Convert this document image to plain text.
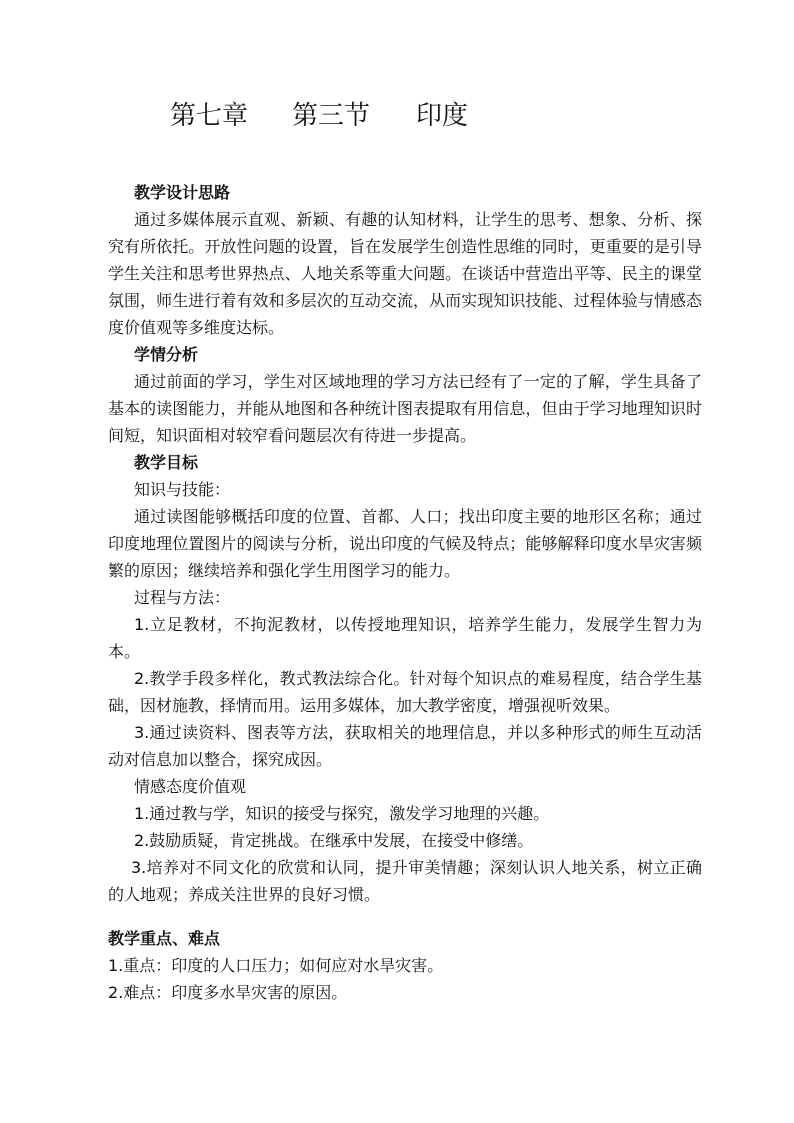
第七章 第三节 印度

教学设计思路

通过多媒体展示直观、新颖、有趣的认知材料，让学生的思考、想象、分析、探究有所依托。开放性问题的设置，旨在发展学生创造性思维的同时，更重要的是引导学生关注和思考世界热点、人地关系等重大问题。在谈话中营造出平等、民主的课堂氛围，师生进行着有效和多层次的互动交流，从而实现知识技能、过程体验与情感态度价值观等多维度达标。

学情分析

通过前面的学习，学生对区域地理的学习方法已经有了一定的了解，学生具备了基本的读图能力，并能从地图和各种统计图表提取有用信息，但由于学习地理知识时间短，知识面相对较窄看问题层次有待进一步提高。

教学目标

知识与技能：

通过读图能够概括印度的位置、首都、人口；找出印度主要的地形区名称；通过印度地理位置图片的阅读与分析，说出印度的气候及特点；能够解释印度水旱灾害频繁的原因；继续培养和强化学生用图学习的能力。

过程与方法：

1.立足教材，不拘泥教材，以传授地理知识，培养学生能力，发展学生智力为本。

2.教学手段多样化，教式教法综合化。针对每个知识点的难易程度，结合学生基础，因材施教，择情而用。运用多媒体，加大教学密度，增强视听效果。

3.通过读资料、图表等方法，获取相关的地理信息，并以多种形式的师生互动活动对信息加以整合，探究成因。

情感态度价值观

1.通过教与学，知识的接受与探究，激发学习地理的兴趣。

2.鼓励质疑，肯定挑战。在继承中发展，在接受中修缮。

3.培养对不同文化的欣赏和认同，提升审美情趣；深刻认识人地关系，树立正确的人地观；养成关注世界的良好习惯。

教学重点、难点

1.重点：印度的人口压力；如何应对水旱灾害。

2.难点：印度多水旱灾害的原因。
